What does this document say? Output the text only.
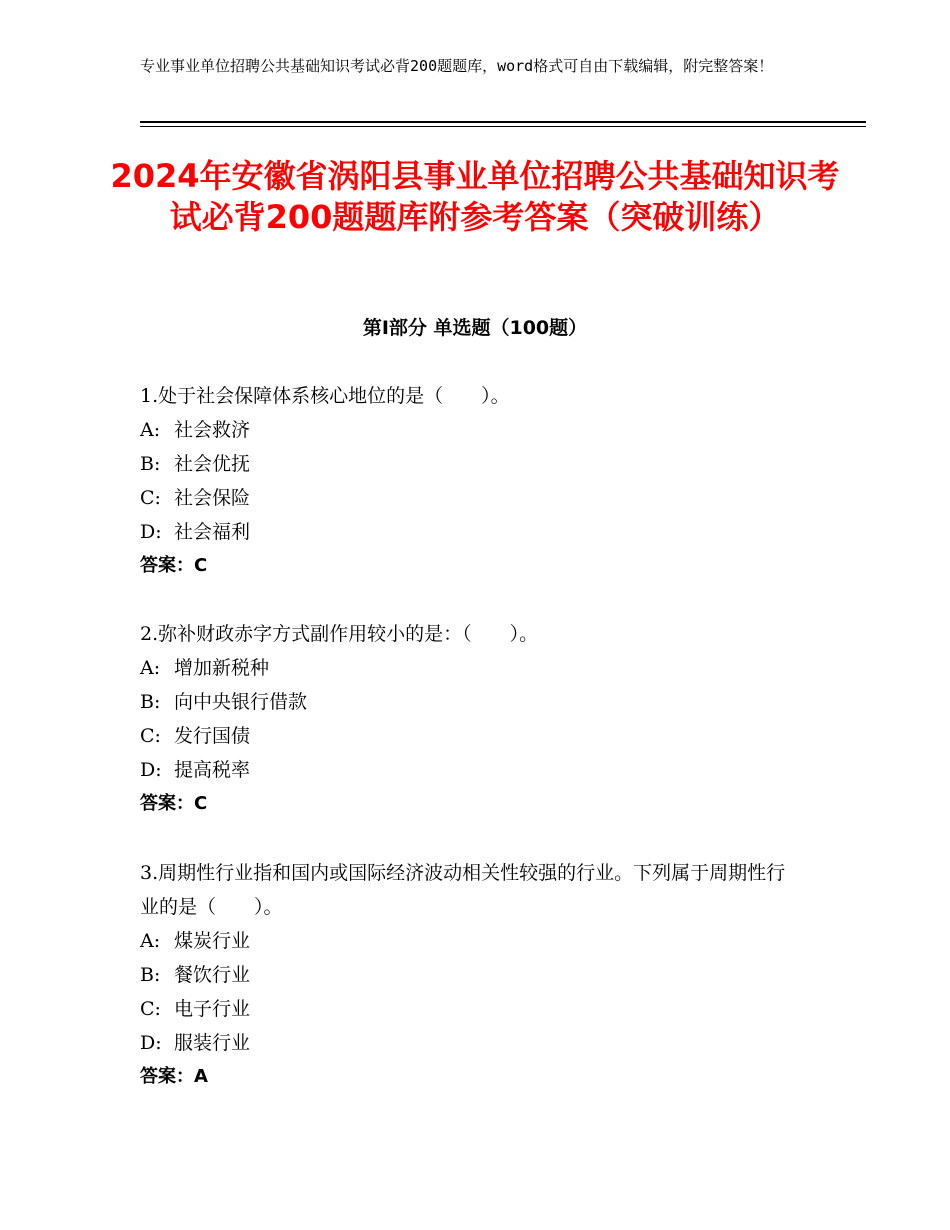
专业事业单位招聘公共基础知识考试必背200题题库，word格式可自由下载编辑，附完整答案！
2024年安徽省涡阳县事业单位招聘公共基础知识考试必背200题题库附参考答案（突破训练）
第Ⅰ部分 单选题（100题）

1.处于社会保障体系核心地位的是（　　）。

A: 社会救济

B: 社会优抚

C: 社会保险

D: 社会福利

答案：C

2.弥补财政赤字方式副作用较小的是：（　　）。

A: 增加新税种

B: 向中央银行借款

C: 发行国债

D: 提高税率

答案：C

3.周期性行业指和国内或国际经济波动相关性较强的行业。下列属于周期性行业的是（　　）。

A: 煤炭行业

B: 餐饮行业

C: 电子行业

D: 服装行业

答案：A
